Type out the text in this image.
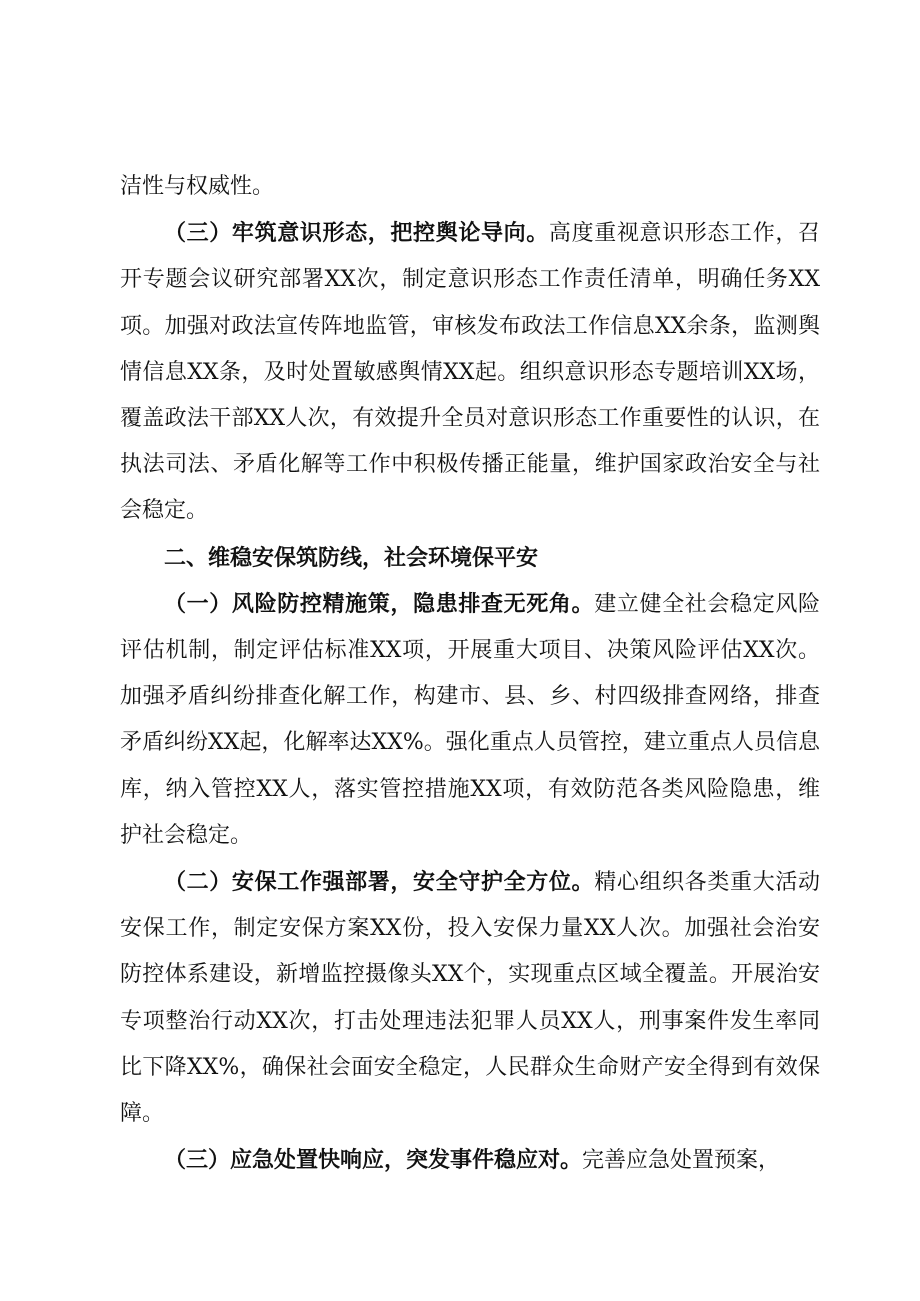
洁性与权威性。

（三）牢筑意识形态，把控舆论导向。高度重视意识形态工作，召开专题会议研究部署XX次，制定意识形态工作责任清单，明确任务XX项。加强对政法宣传阵地监管，审核发布政法工作信息XX余条，监测舆情信息XX条，及时处置敏感舆情XX起。组织意识形态专题培训XX场，覆盖政法干部XX人次，有效提升全员对意识形态工作重要性的认识，在执法司法、矛盾化解等工作中积极传播正能量，维护国家政治安全与社会稳定。

二、维稳安保筑防线，社会环境保平安

（一）风险防控精施策，隐患排查无死角。建立健全社会稳定风险评估机制，制定评估标准XX项，开展重大项目、决策风险评估XX次。加强矛盾纠纷排查化解工作，构建市、县、乡、村四级排查网络，排查矛盾纠纷XX起，化解率达XX%。强化重点人员管控，建立重点人员信息库，纳入管控XX人，落实管控措施XX项，有效防范各类风险隐患，维护社会稳定。

（二）安保工作强部署，安全守护全方位。精心组织各类重大活动安保工作，制定安保方案XX份，投入安保力量XX人次。加强社会治安防控体系建设，新增监控摄像头XX个，实现重点区域全覆盖。开展治安专项整治行动XX次，打击处理违法犯罪人员XX人，刑事案件发生率同比下降XX%，确保社会面安全稳定，人民群众生命财产安全得到有效保障。

（三）应急处置快响应，突发事件稳应对。完善应急处置预案，
